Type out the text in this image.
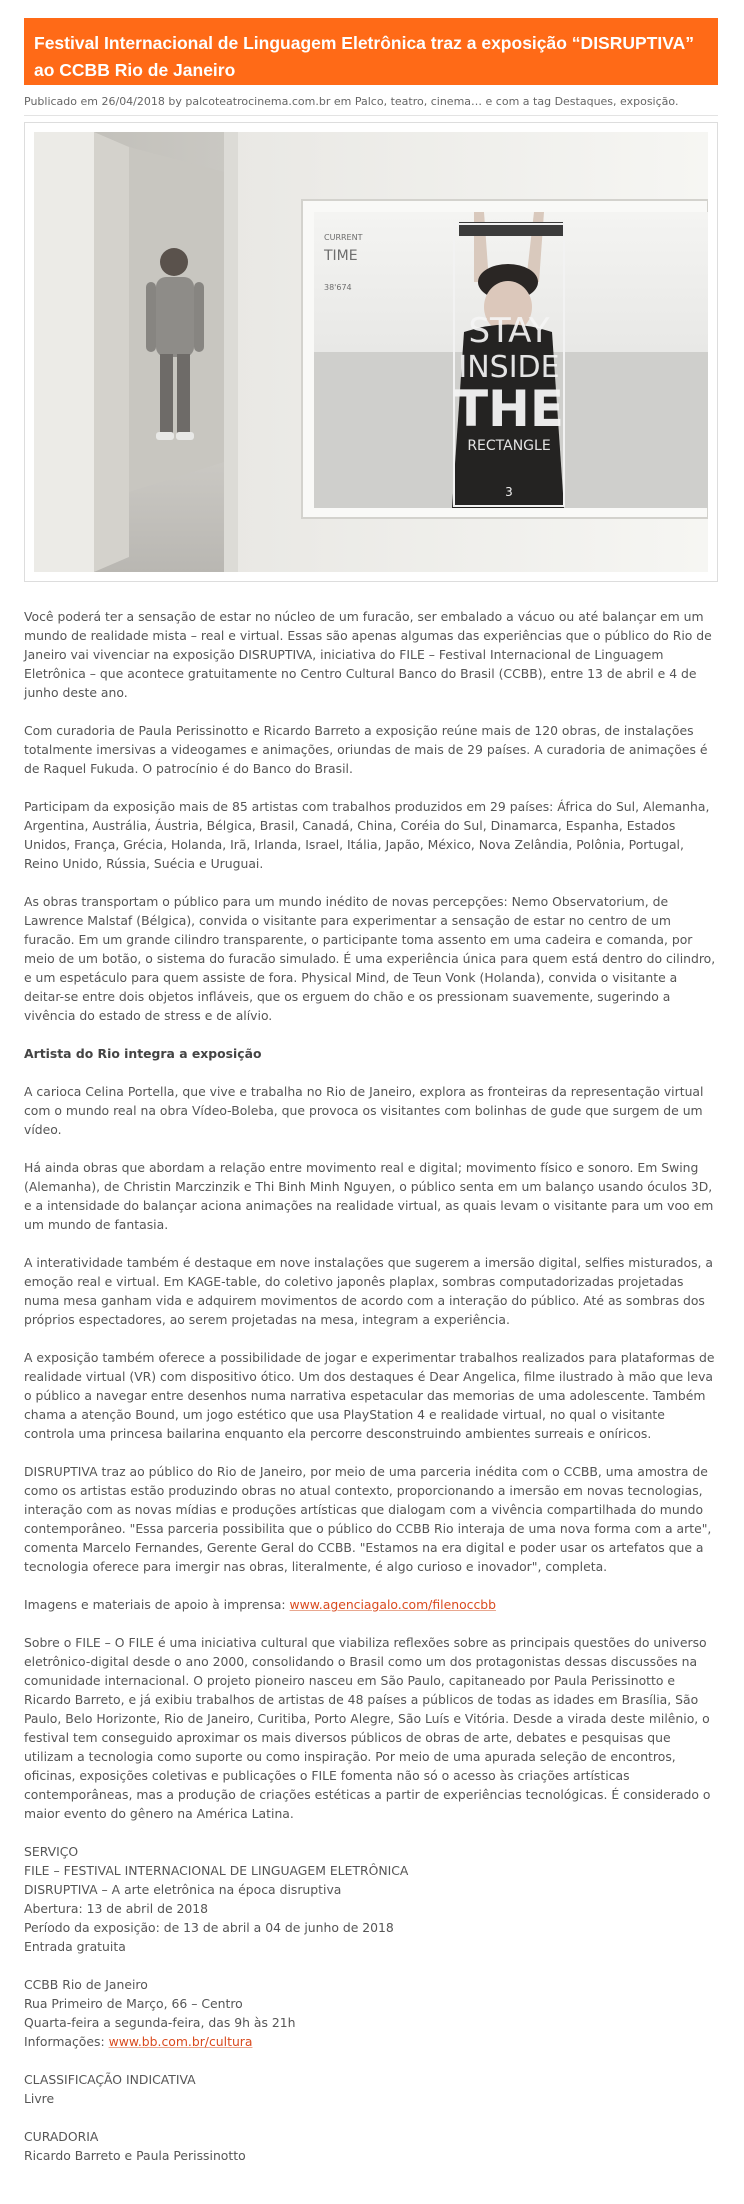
Festival Internacional de Linguagem Eletrônica traz a exposição “DISRUPTIVA” ao CCBB Rio de Janeiro
Publicado em 26/04/2018 by palcoteatrocinema.com.br em Palco, teatro, cinema… e com a tag Destaques, exposição.
CURRENT
TIME
38'674
STAY
INSIDE
THE
RECTANGLE
3

Você poderá ter a sensação de estar no núcleo de um furacão, ser embalado a vácuo ou até balançar em um mundo de realidade mista – real e virtual. Essas são apenas algumas das experiências que o público do Rio de Janeiro vai vivenciar na exposição DISRUPTIVA, iniciativa do FILE – Festival Internacional de Linguagem Eletrônica – que acontece gratuitamente no Centro Cultural Banco do Brasil (CCBB), entre 13 de abril e 4 de junho deste ano.

Com curadoria de Paula Perissinotto e Ricardo Barreto a exposição reúne mais de 120 obras, de instalações totalmente imersivas a videogames e animações, oriundas de mais de 29 países. A curadoria de animações é de Raquel Fukuda. O patrocínio é do Banco do Brasil.

Participam da exposição mais de 85 artistas com trabalhos produzidos em 29 países: África do Sul, Alemanha, Argentina, Austrália, Áustria, Bélgica, Brasil, Canadá, China, Coréia do Sul, Dinamarca, Espanha, Estados Unidos, França, Grécia, Holanda, Irã, Irlanda, Israel, Itália, Japão, México, Nova Zelândia, Polônia, Portugal, Reino Unido, Rússia, Suécia e Uruguai.

As obras transportam o público para um mundo inédito de novas percepções: Nemo Observatorium, de Lawrence Malstaf (Bélgica), convida o visitante para experimentar a sensação de estar no centro de um furacão. Em um grande cilindro transparente, o participante toma assento em uma cadeira e comanda, por meio de um botão, o sistema do furacão simulado. É uma experiência única para quem está dentro do cilindro, e um espetáculo para quem assiste de fora. Physical Mind, de Teun Vonk (Holanda), convida o visitante a deitar-se entre dois objetos infláveis, que os erguem do chão e os pressionam suavemente, sugerindo a vivência do estado de stress e de alívio.

Artista do Rio integra a exposição

A carioca Celina Portella, que vive e trabalha no Rio de Janeiro, explora as fronteiras da representação virtual com o mundo real na obra Vídeo-Boleba, que provoca os visitantes com bolinhas de gude que surgem de um vídeo.

Há ainda obras que abordam a relação entre movimento real e digital; movimento físico e sonoro. Em Swing (Alemanha), de Christin Marczinzik e Thi Binh Minh Nguyen, o público senta em um balanço usando óculos 3D, e a intensidade do balançar aciona animações na realidade virtual, as quais levam o visitante para um voo em um mundo de fantasia.

A interatividade também é destaque em nove instalações que sugerem a imersão digital, selfies misturados, a emoção real e virtual. Em KAGE-table, do coletivo japonês plaplax, sombras computadorizadas projetadas numa mesa ganham vida e adquirem movimentos de acordo com a interação do público. Até as sombras dos próprios espectadores, ao serem projetadas na mesa, integram a experiência.

A exposição também oferece a possibilidade de jogar e experimentar trabalhos realizados para plataformas de realidade virtual (VR) com dispositivo ótico. Um dos destaques é Dear Angelica, filme ilustrado à mão que leva o público a navegar entre desenhos numa narrativa espetacular das memorias de uma adolescente. Também chama a atenção Bound, um jogo estético que usa PlayStation 4 e realidade virtual, no qual o visitante controla uma princesa bailarina enquanto ela percorre desconstruindo ambientes surreais e oníricos.

DISRUPTIVA traz ao público do Rio de Janeiro, por meio de uma parceria inédita com o CCBB, uma amostra de como os artistas estão produzindo obras no atual contexto, proporcionando a imersão em novas tecnologias, interação com as novas mídias e produções artísticas que dialogam com a vivência compartilhada do mundo contemporâneo. "Essa parceria possibilita que o público do CCBB Rio interaja de uma nova forma com a arte", comenta Marcelo Fernandes, Gerente Geral do CCBB. "Estamos na era digital e poder usar os artefatos que a tecnologia oferece para imergir nas obras, literalmente, é algo curioso e inovador", completa.

Imagens e materiais de apoio à imprensa: www.agenciagalo.com/filenoccbb

Sobre o FILE – O FILE é uma iniciativa cultural que viabiliza reflexões sobre as principais questões do universo eletrônico-digital desde o ano 2000, consolidando o Brasil como um dos protagonistas dessas discussões na comunidade internacional. O projeto pioneiro nasceu em São Paulo, capitaneado por Paula Perissinotto e Ricardo Barreto, e já exibiu trabalhos de artistas de 48 países a públicos de todas as idades em Brasília, São Paulo, Belo Horizonte, Rio de Janeiro, Curitiba, Porto Alegre, São Luís e Vitória. Desde a virada deste milênio, o festival tem conseguido aproximar os mais diversos públicos de obras de arte, debates e pesquisas que utilizam a tecnologia como suporte ou como inspiração. Por meio de uma apurada seleção de encontros, oficinas, exposições coletivas e publicações o FILE fomenta não só o acesso às criações artísticas contemporâneas, mas a produção de criações estéticas a partir de experiências tecnológicas. É considerado o maior evento do gênero na América Latina.

SERVIÇO
FILE – FESTIVAL INTERNACIONAL DE LINGUAGEM ELETRÔNICA
DISRUPTIVA – A arte eletrônica na época disruptiva
Abertura: 13 de abril de 2018
Período da exposição: de 13 de abril a 04 de junho de 2018
Entrada gratuita

CCBB Rio de Janeiro
Rua Primeiro de Março, 66 – Centro
Quarta-feira a segunda-feira, das 9h às 21h
Informações: www.bb.com.br/cultura

CLASSIFICAÇÃO INDICATIVA
Livre

CURADORIA
Ricardo Barreto e Paula Perissinotto
